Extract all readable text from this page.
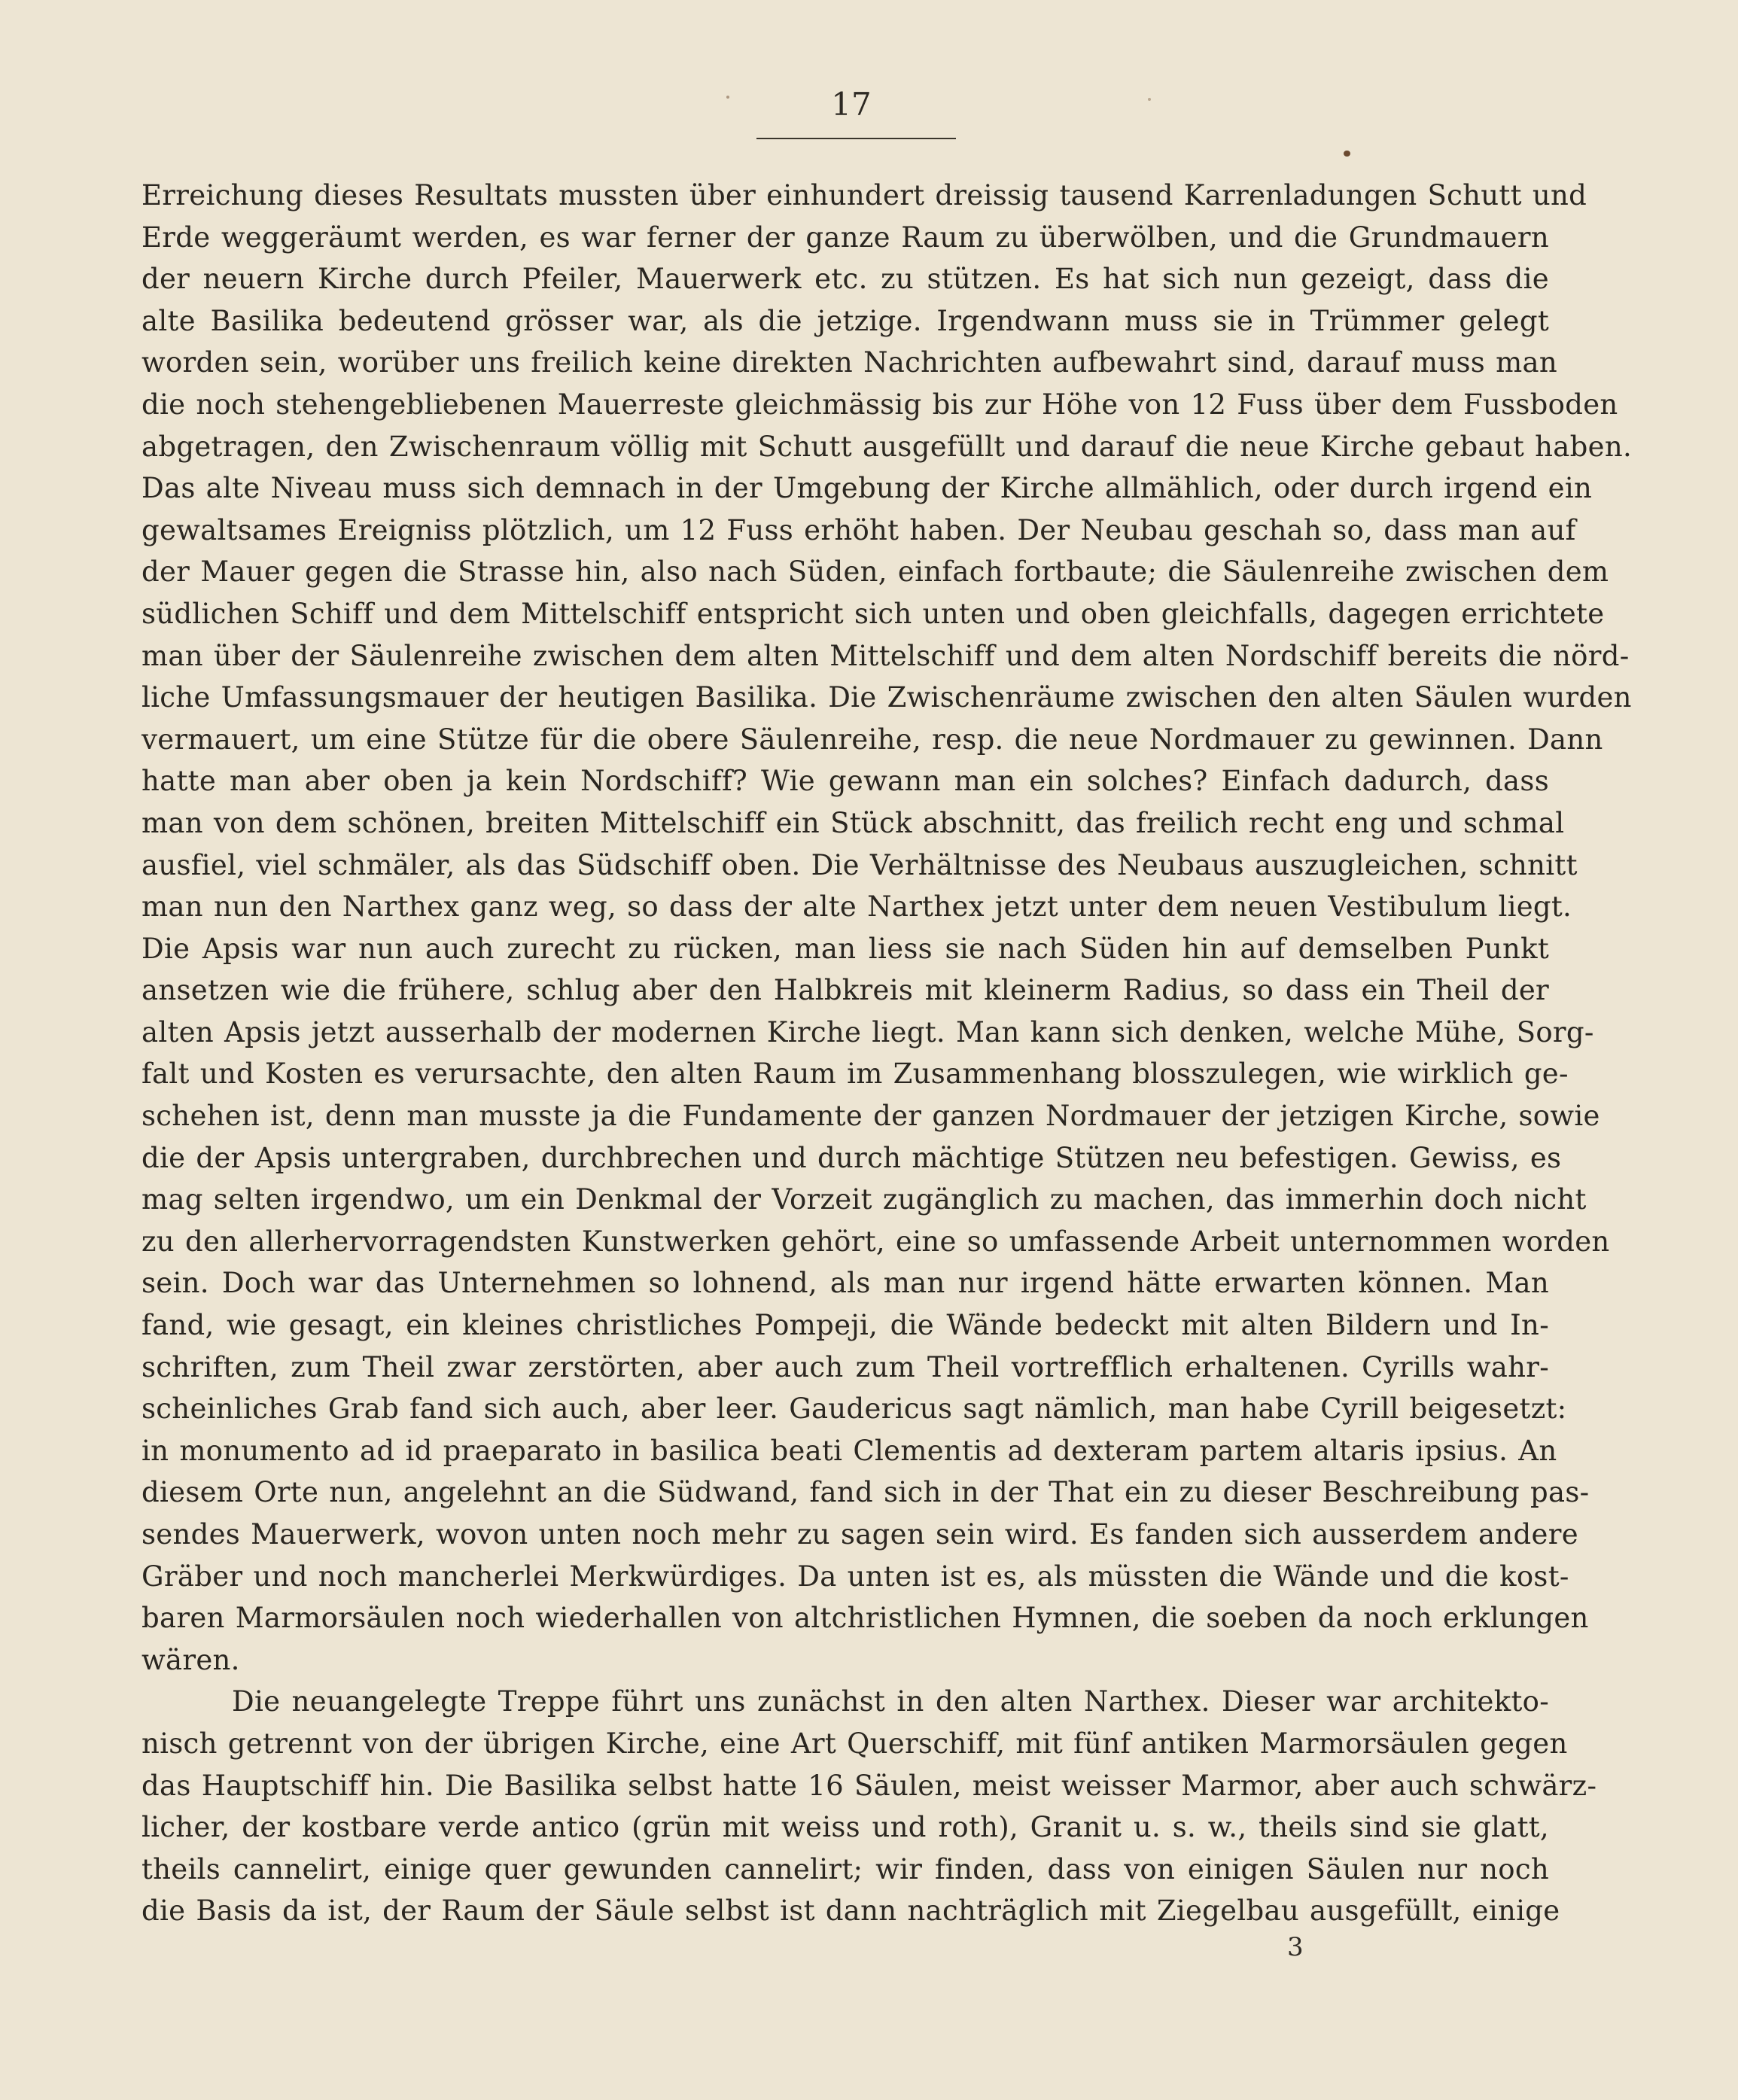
17
Erreichung dieses Resultats mussten über einhundert dreissig tausend Karrenladungen Schutt und
Erde weggeräumt werden, es war ferner der ganze Raum zu überwölben, und die Grundmauern
der neuern Kirche durch Pfeiler, Mauerwerk etc. zu stützen. Es hat sich nun gezeigt, dass die
alte Basilika bedeutend grösser war, als die jetzige. Irgendwann muss sie in Trümmer gelegt
worden sein, worüber uns freilich keine direkten Nachrichten aufbewahrt sind, darauf muss man
die noch stehengebliebenen Mauerreste gleichmässig bis zur Höhe von 12 Fuss über dem Fussboden
abgetragen, den Zwischenraum völlig mit Schutt ausgefüllt und darauf die neue Kirche gebaut haben.
Das alte Niveau muss sich demnach in der Umgebung der Kirche allmählich, oder durch irgend ein
gewaltsames Ereigniss plötzlich, um 12 Fuss erhöht haben. Der Neubau geschah so, dass man auf
der Mauer gegen die Strasse hin, also nach Süden, einfach fortbaute; die Säulenreihe zwischen dem
südlichen Schiff und dem Mittelschiff entspricht sich unten und oben gleichfalls, dagegen errichtete
man über der Säulenreihe zwischen dem alten Mittelschiff und dem alten Nordschiff bereits die nörd-
liche Umfassungsmauer der heutigen Basilika. Die Zwischenräume zwischen den alten Säulen wurden
vermauert, um eine Stütze für die obere Säulenreihe, resp. die neue Nordmauer zu gewinnen. Dann
hatte man aber oben ja kein Nordschiff? Wie gewann man ein solches? Einfach dadurch, dass
man von dem schönen, breiten Mittelschiff ein Stück abschnitt, das freilich recht eng und schmal
ausfiel, viel schmäler, als das Südschiff oben. Die Verhältnisse des Neubaus auszugleichen, schnitt
man nun den Narthex ganz weg, so dass der alte Narthex jetzt unter dem neuen Vestibulum liegt.
Die Apsis war nun auch zurecht zu rücken, man liess sie nach Süden hin auf demselben Punkt
ansetzen wie die frühere, schlug aber den Halbkreis mit kleinerm Radius, so dass ein Theil der
alten Apsis jetzt ausserhalb der modernen Kirche liegt. Man kann sich denken, welche Mühe, Sorg-
falt und Kosten es verursachte, den alten Raum im Zusammenhang blosszulegen, wie wirklich ge-
schehen ist, denn man musste ja die Fundamente der ganzen Nordmauer der jetzigen Kirche, sowie
die der Apsis untergraben, durchbrechen und durch mächtige Stützen neu befestigen. Gewiss, es
mag selten irgendwo, um ein Denkmal der Vorzeit zugänglich zu machen, das immerhin doch nicht
zu den allerhervorragendsten Kunstwerken gehört, eine so umfassende Arbeit unternommen worden
sein. Doch war das Unternehmen so lohnend, als man nur irgend hätte erwarten können. Man
fand, wie gesagt, ein kleines christliches Pompeji, die Wände bedeckt mit alten Bildern und In-
schriften, zum Theil zwar zerstörten, aber auch zum Theil vortrefflich erhaltenen. Cyrills wahr-
scheinliches Grab fand sich auch, aber leer. Gaudericus sagt nämlich, man habe Cyrill beigesetzt:
in monumento ad id praeparato in basilica beati Clementis ad dexteram partem altaris ipsius. An
diesem Orte nun, angelehnt an die Südwand, fand sich in der That ein zu dieser Beschreibung pas-
sendes Mauerwerk, wovon unten noch mehr zu sagen sein wird. Es fanden sich ausserdem andere
Gräber und noch mancherlei Merkwürdiges. Da unten ist es, als müssten die Wände und die kost-
baren Marmorsäulen noch wiederhallen von altchristlichen Hymnen, die soeben da noch erklungen
wären.
Die neuangelegte Treppe führt uns zunächst in den alten Narthex. Dieser war architekto-
nisch getrennt von der übrigen Kirche, eine Art Querschiff, mit fünf antiken Marmorsäulen gegen
das Hauptschiff hin. Die Basilika selbst hatte 16 Säulen, meist weisser Marmor, aber auch schwärz-
licher, der kostbare verde antico (grün mit weiss und roth), Granit u. s. w., theils sind sie glatt,
theils cannelirt, einige quer gewunden cannelirt; wir finden, dass von einigen Säulen nur noch
die Basis da ist, der Raum der Säule selbst ist dann nachträglich mit Ziegelbau ausgefüllt, einige
3
